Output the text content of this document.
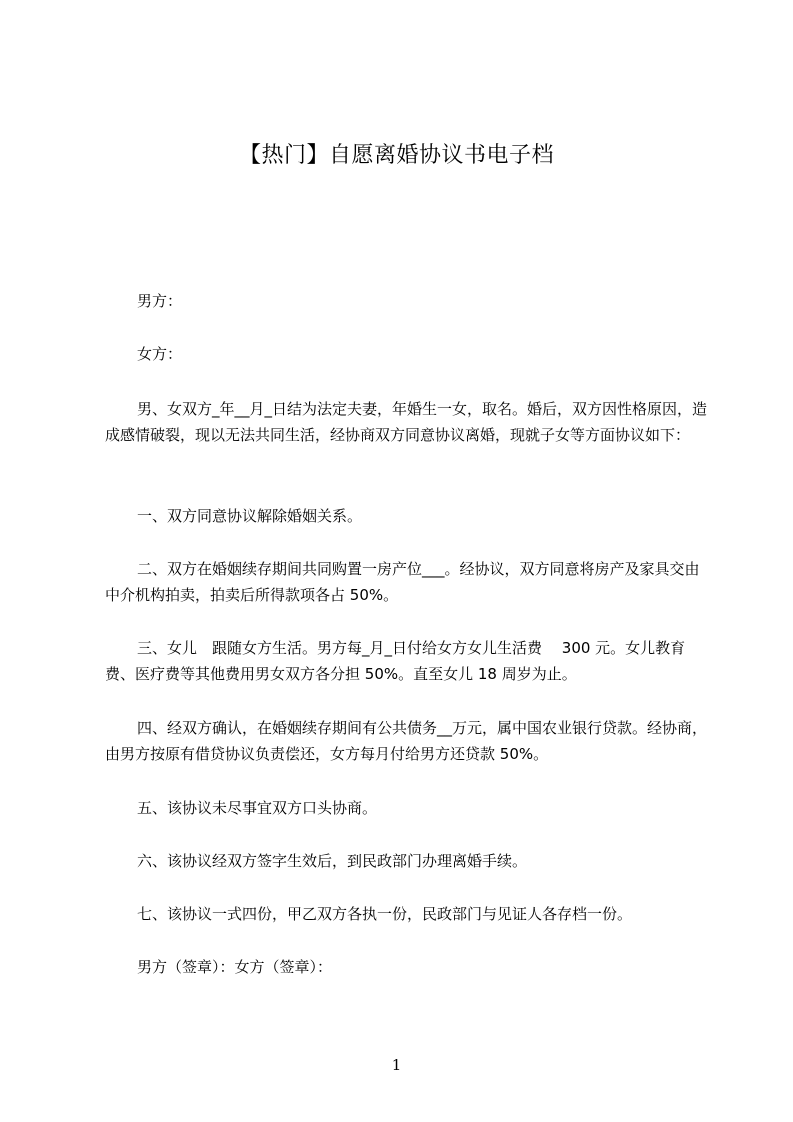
【热门】自愿离婚协议书电子档

男方：

女方：

男、女双方_年__月_日结为法定夫妻，年婚生一女，取名。婚后，双方因性格原因，造成感情破裂，现以无法共同生活，经协商双方同意协议离婚，现就子女等方面协议如下：

一、双方同意协议解除婚姻关系。

二、双方在婚姻续存期间共同购置一房产位___。经协议，双方同意将房产及家具交由中介机构拍卖，拍卖后所得款项各占 50%。

三、女儿　跟随女方生活。男方每_月_日付给女方女儿生活费　 300 元。女儿教育费、医疗费等其他费用男女双方各分担 50%。直至女儿 18 周岁为止。

四、经双方确认，在婚姻续存期间有公共债务__万元，属中国农业银行贷款。经协商，由男方按原有借贷协议负责偿还，女方每月付给男方还贷款 50%。

五、该协议未尽事宜双方口头协商。

六、该协议经双方签字生效后，到民政部门办理离婚手续。

七、该协议一式四份，甲乙双方各执一份，民政部门与见证人各存档一份。

男方（签章）：女方（签章）：

1
